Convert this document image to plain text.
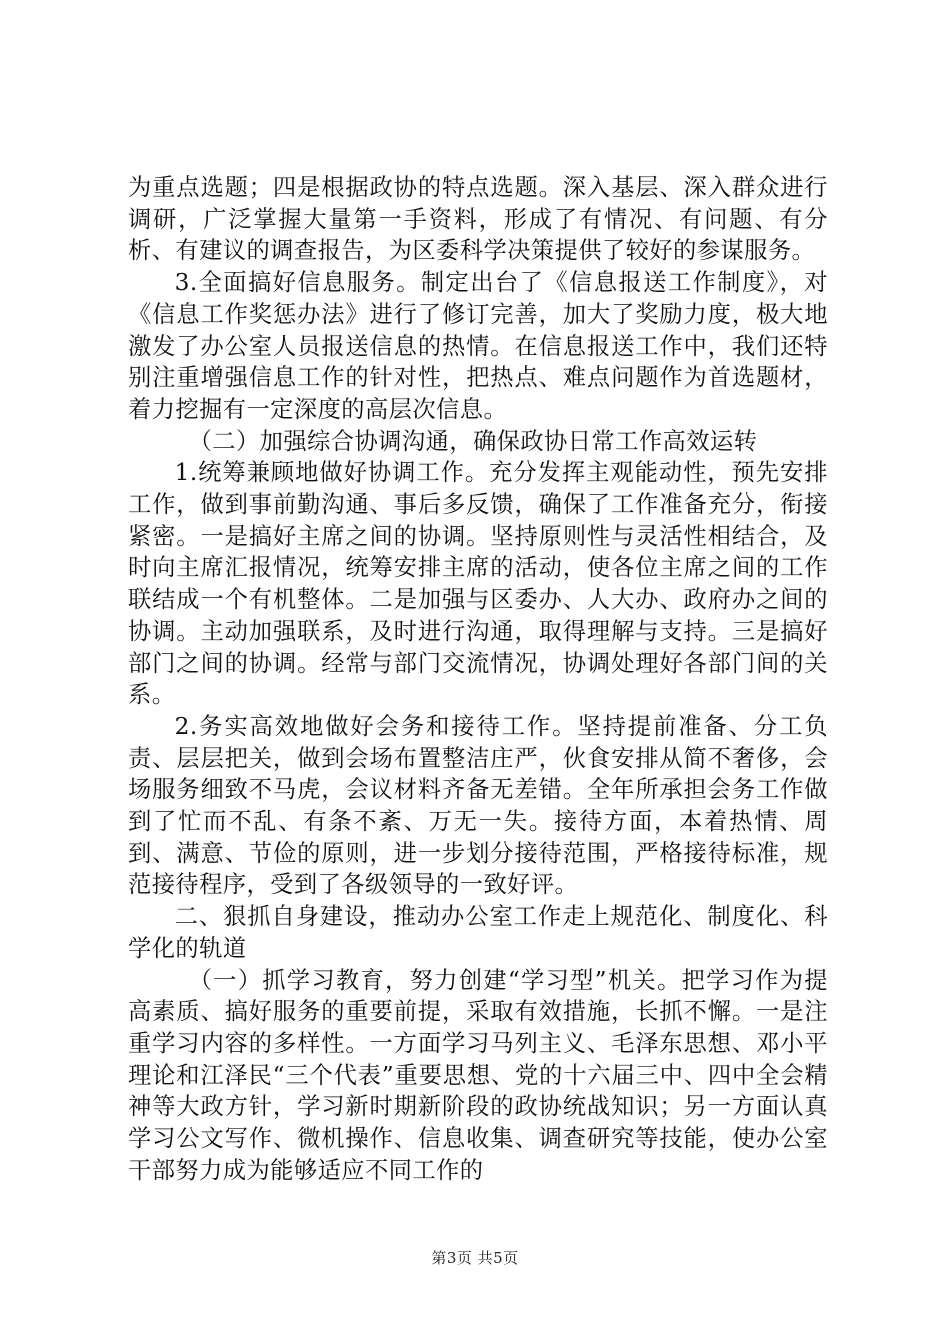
为重点选题；四是根据政协的特点选题。深入基层、深入群众进行调研，广泛掌握大量第一手资料，形成了有情况、有问题、有分析、有建议的调查报告，为区委科学决策提供了较好的参谋服务。

3.全面搞好信息服务。制定出台了《信息报送工作制度》，对《信息工作奖惩办法》进行了修订完善，加大了奖励力度，极大地激发了办公室人员报送信息的热情。在信息报送工作中，我们还特别注重增强信息工作的针对性，把热点、难点问题作为首选题材，着力挖掘有一定深度的高层次信息。

（二）加强综合协调沟通，确保政协日常工作高效运转

1.统筹兼顾地做好协调工作。充分发挥主观能动性，预先安排工作，做到事前勤沟通、事后多反馈，确保了工作准备充分，衔接紧密。一是搞好主席之间的协调。坚持原则性与灵活性相结合，及时向主席汇报情况，统筹安排主席的活动，使各位主席之间的工作联结成一个有机整体。二是加强与区委办、人大办、政府办之间的协调。主动加强联系，及时进行沟通，取得理解与支持。三是搞好部门之间的协调。经常与部门交流情况，协调处理好各部门间的关系。

2.务实高效地做好会务和接待工作。坚持提前准备、分工负责、层层把关，做到会场布置整洁庄严，伙食安排从简不奢侈，会场服务细致不马虎，会议材料齐备无差错。全年所承担会务工作做到了忙而不乱、有条不紊、万无一失。接待方面，本着热情、周到、满意、节俭的原则，进一步划分接待范围，严格接待标准，规范接待程序，受到了各级领导的一致好评。

二、狠抓自身建设，推动办公室工作走上规范化、制度化、科学化的轨道

（一）抓学习教育，努力创建“学习型”机关。把学习作为提高素质、搞好服务的重要前提，采取有效措施，长抓不懈。一是注重学习内容的多样性。一方面学习马列主义、毛泽东思想、邓小平理论和江泽民“三个代表”重要思想、党的十六届三中、四中全会精神等大政方针，学习新时期新阶段的政协统战知识；另一方面认真学习公文写作、微机操作、信息收集、调查研究等技能，使办公室干部努力成为能够适应不同工作的

第3页 共5页
